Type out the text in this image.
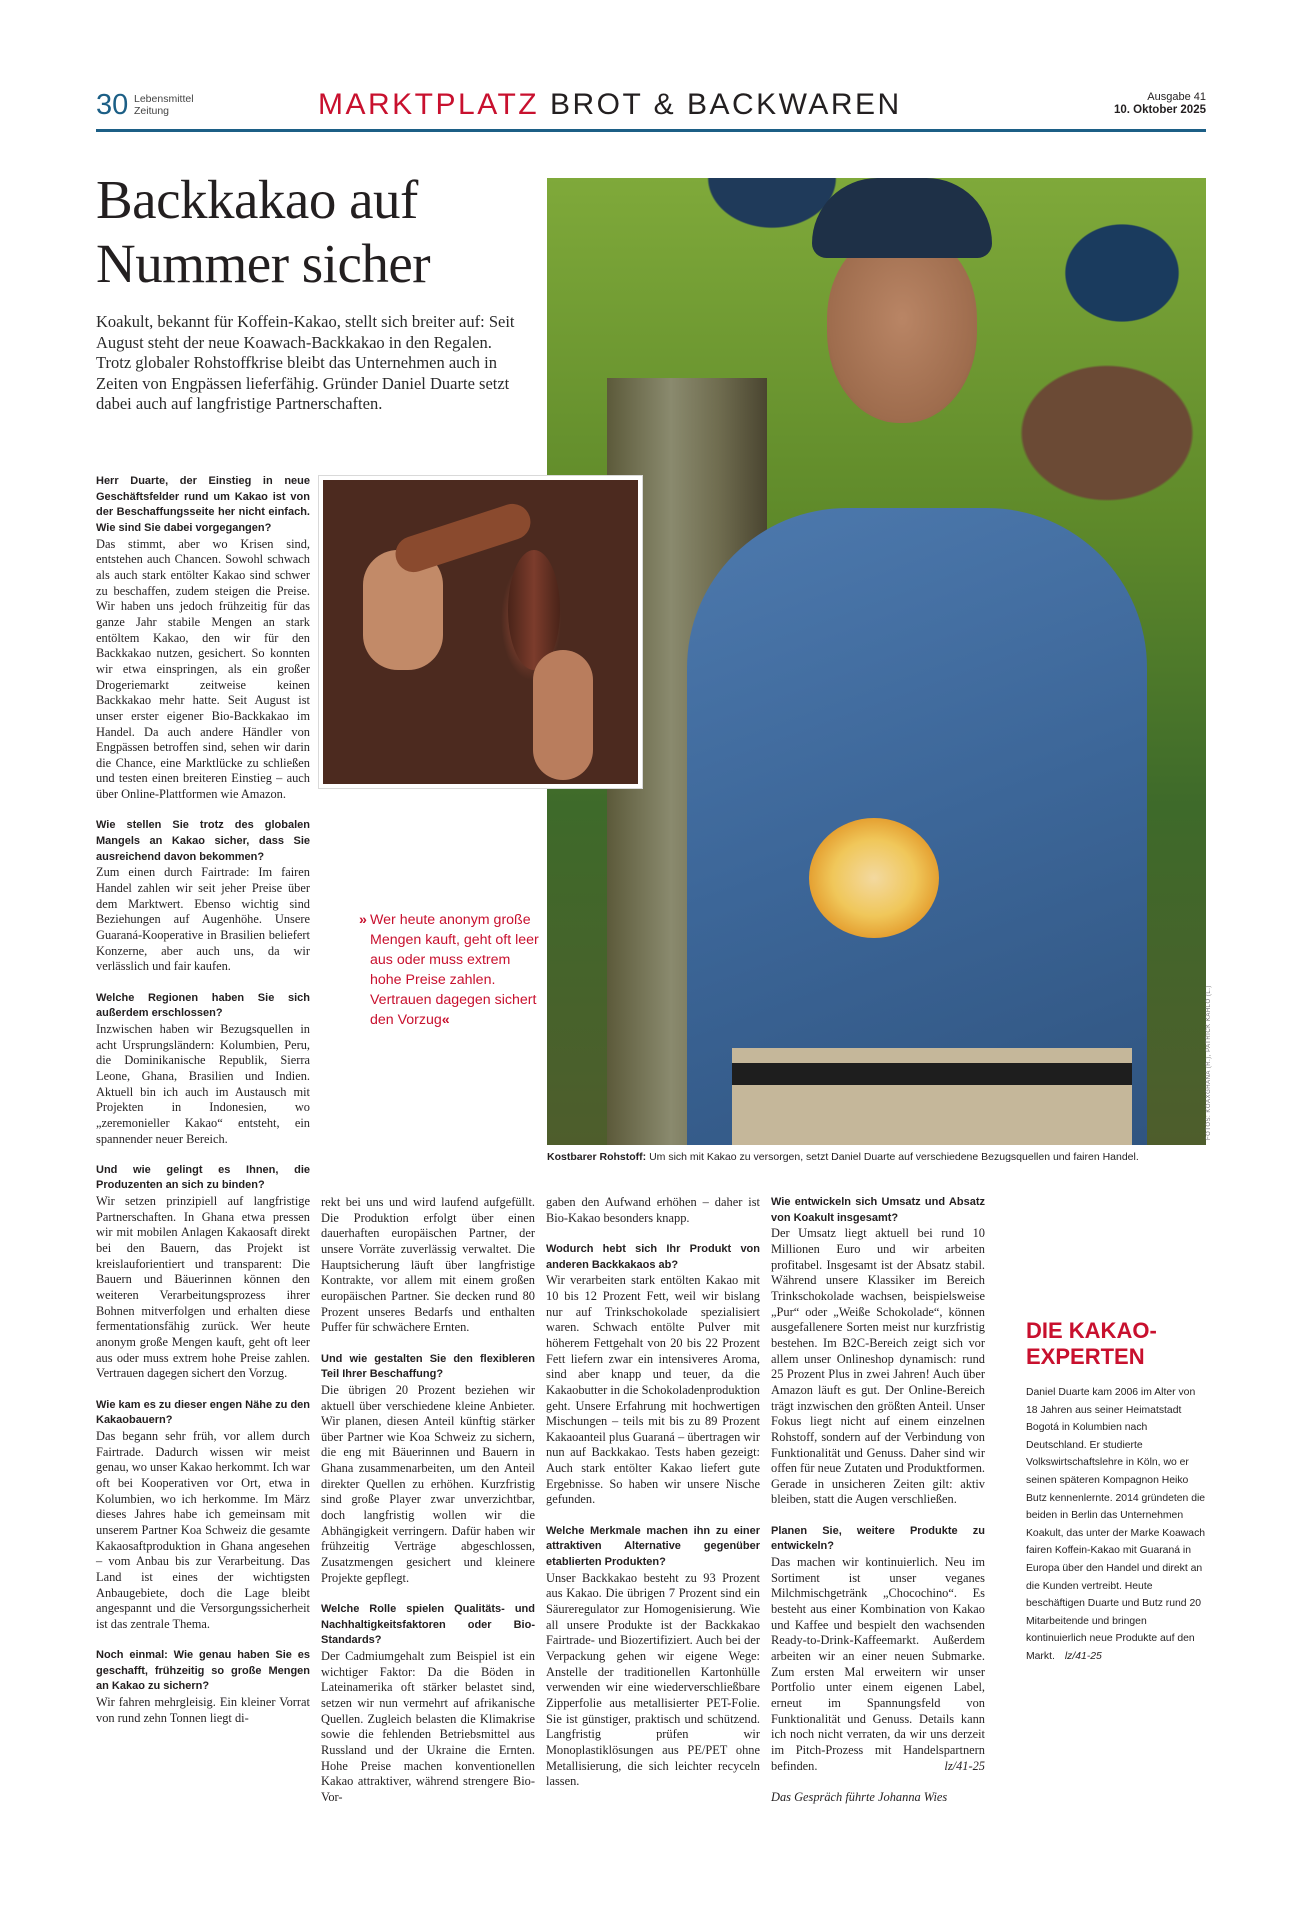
30 Lebensmittel
Zeitung	MARKTPLATZ BROT & BACKWAREN	Ausgabe 41
10. Oktober 2025
Backkakao auf
Nummer sicher

Koakult, bekannt für Koffein-Kakao, stellt sich breiter auf: Seit August steht der neue Koawach-Backkakao in den Regalen. Trotz globaler Rohstoffkrise bleibt das Unternehmen auch in Zeiten von Engpässen lieferfähig. Gründer Daniel Duarte setzt dabei auch auf langfristige Partnerschaften.

FOTOS: KOAXGHANA (R.), PATRICK KAHLO (L.)

Kostbarer Rohstoff: Um sich mit Kakao zu versorgen, setzt Daniel Duarte auf verschiedene Bezugsquellen und fairen Handel.

» Wer heute anonym große Mengen kauft, geht oft leer aus oder muss extrem hohe Preise zahlen. Vertrauen dagegen sichert den Vorzug«

Herr Duarte, der Einstieg in neue Geschäftsfelder rund um Kakao ist von der Beschaffungsseite her nicht einfach. Wie sind Sie dabei vorgegangen?
Das stimmt, aber wo Krisen sind, entstehen auch Chancen. Sowohl schwach als auch stark entölter Kakao sind schwer zu beschaffen, zudem steigen die Preise. Wir haben uns jedoch frühzeitig für das ganze Jahr stabile Mengen an stark entöltem Kakao, den wir für den Backkakao nutzen, gesichert. So konnten wir etwa einspringen, als ein großer Drogeriemarkt zeitweise keinen Backkakao mehr hatte. Seit August ist unser erster eigener Bio-Backkakao im Handel. Da auch andere Händler von Engpässen betroffen sind, sehen wir darin die Chance, eine Marktlücke zu schließen und testen einen breiteren Einstieg – auch über Online-Plattformen wie Amazon.

Wie stellen Sie trotz des globalen Mangels an Kakao sicher, dass Sie ausreichend davon bekommen?
Zum einen durch Fairtrade: Im fairen Handel zahlen wir seit jeher Preise über dem Marktwert. Ebenso wichtig sind Beziehungen auf Augenhöhe. Unsere Guaraná-Kooperative in Brasilien beliefert Konzerne, aber auch uns, da wir verlässlich und fair kaufen.

Welche Regionen haben Sie sich außerdem erschlossen?
Inzwischen haben wir Bezugsquellen in acht Ursprungsländern: Kolumbien, Peru, die Dominikanische Republik, Sierra Leone, Ghana, Brasilien und Indien. Aktuell bin ich auch im Austausch mit Projekten in Indonesien, wo „zeremonieller Kakao“ entsteht, ein spannender neuer Bereich.

Und wie gelingt es Ihnen, die Produzenten an sich zu binden?
Wir setzen prinzipiell auf langfristige Partnerschaften. In Ghana etwa pressen wir mit mobilen Anlagen Kakaosaft direkt bei den Bauern, das Projekt ist kreislauforientiert und transparent: Die Bauern und Bäuerinnen können den weiteren Verarbeitungsprozess ihrer Bohnen mitverfolgen und erhalten diese fermentationsfähig zurück. Wer heute anonym große Mengen kauft, geht oft leer aus oder muss extrem hohe Preise zahlen. Vertrauen dagegen sichert den Vorzug.

Wie kam es zu dieser engen Nähe zu den Kakaobauern?
Das begann sehr früh, vor allem durch Fairtrade. Dadurch wissen wir meist genau, wo unser Kakao herkommt. Ich war oft bei Kooperativen vor Ort, etwa in Kolumbien, wo ich herkomme. Im März dieses Jahres habe ich gemeinsam mit unserem Partner Koa Schweiz die gesamte Kakaosaftproduktion in Ghana angesehen – vom Anbau bis zur Verarbeitung. Das Land ist eines der wichtigsten Anbaugebiete, doch die Lage bleibt angespannt und die Versorgungssicherheit ist das zentrale Thema.

Noch einmal: Wie genau haben Sie es geschafft, frühzeitig so große Mengen an Kakao zu sichern?
Wir fahren mehrgleisig. Ein kleiner Vorrat von rund zehn Tonnen liegt di-

rekt bei uns und wird laufend aufgefüllt. Die Produktion erfolgt über einen dauerhaften europäischen Partner, der unsere Vorräte zuverlässig verwaltet. Die Hauptsicherung läuft über langfristige Kontrakte, vor allem mit einem großen europäischen Partner. Sie decken rund 80 Prozent unseres Bedarfs und enthalten Puffer für schwächere Ernten.

Und wie gestalten Sie den flexibleren Teil Ihrer Beschaffung?
Die übrigen 20 Prozent beziehen wir aktuell über verschiedene kleine Anbieter. Wir planen, diesen Anteil künftig stärker über Partner wie Koa Schweiz zu sichern, die eng mit Bäuerinnen und Bauern in Ghana zusammenarbeiten, um den Anteil direkter Quellen zu erhöhen. Kurzfristig sind große Player zwar unverzichtbar, doch langfristig wollen wir die Abhängigkeit verringern. Dafür haben wir frühzeitig Verträge abgeschlossen, Zusatzmengen gesichert und kleinere Projekte gepflegt.

Welche Rolle spielen Qualitäts- und Nachhaltigkeitsfaktoren oder Bio-Standards?
Der Cadmiumgehalt zum Beispiel ist ein wichtiger Faktor: Da die Böden in Lateinamerika oft stärker belastet sind, setzen wir nun vermehrt auf afrikanische Quellen. Zugleich belasten die Klimakrise sowie die fehlenden Betriebsmittel aus Russland und der Ukraine die Ernten. Hohe Preise machen konventionellen Kakao attraktiver, während strengere Bio-Vor-

gaben den Aufwand erhöhen – daher ist Bio-Kakao besonders knapp.

Wodurch hebt sich Ihr Produkt von anderen Backkakaos ab?
Wir verarbeiten stark entölten Kakao mit 10 bis 12 Prozent Fett, weil wir bislang nur auf Trinkschokolade spezialisiert waren. Schwach entölte Pulver mit höherem Fettgehalt von 20 bis 22 Prozent Fett liefern zwar ein intensiveres Aroma, sind aber knapp und teuer, da die Kakaobutter in die Schokoladenproduktion geht. Unsere Erfahrung mit hochwertigen Mischungen – teils mit bis zu 89 Prozent Kakaoanteil plus Guaraná – übertragen wir nun auf Backkakao. Tests haben gezeigt: Auch stark entölter Kakao liefert gute Ergebnisse. So haben wir unsere Nische gefunden.

Welche Merkmale machen ihn zu einer attraktiven Alternative gegenüber etablierten Produkten?
Unser Backkakao besteht zu 93 Prozent aus Kakao. Die übrigen 7 Prozent sind ein Säureregulator zur Homogenisierung. Wie all unsere Produkte ist der Backkakao Fairtrade- und Biozertifiziert. Auch bei der Verpackung gehen wir eigene Wege: Anstelle der traditionellen Kartonhülle verwenden wir eine wiederverschließbare Zipperfolie aus metallisierter PET-Folie. Sie ist günstiger, praktisch und schützend. Langfristig prüfen wir Monoplastiklösungen aus PE/PET ohne Metallisierung, die sich leichter recyceln lassen.

Wie entwickeln sich Umsatz und Absatz von Koakult insgesamt?
Der Umsatz liegt aktuell bei rund 10 Millionen Euro und wir arbeiten profitabel. Insgesamt ist der Absatz stabil. Während unsere Klassiker im Bereich Trinkschokolade wachsen, beispielsweise „Pur“ oder „Weiße Schokolade“, können ausgefallenere Sorten meist nur kurzfristig bestehen. Im B2C-Bereich zeigt sich vor allem unser Onlineshop dynamisch: rund 25 Prozent Plus in zwei Jahren! Auch über Amazon läuft es gut. Der Online-Bereich trägt inzwischen den größten Anteil. Unser Fokus liegt nicht auf einem einzelnen Rohstoff, sondern auf der Verbindung von Funktionalität und Genuss. Daher sind wir offen für neue Zutaten und Produktformen. Gerade in unsicheren Zeiten gilt: aktiv bleiben, statt die Augen verschließen.

Planen Sie, weitere Produkte zu entwickeln?
Das machen wir kontinuierlich. Neu im Sortiment ist unser veganes Milchmischgetränk „Chocochino“. Es besteht aus einer Kombination von Kakao und Kaffee und bespielt den wachsenden Ready-to-Drink-Kaffeemarkt. Außerdem arbeiten wir an einer neuen Submarke. Zum ersten Mal erweitern wir unser Portfolio unter einem eigenen Label, erneut im Spannungsfeld von Funktionalität und Genuss. Details kann ich noch nicht verraten, da wir uns derzeit im Pitch-Prozess mit Handelspartnern befinden.	lz/41-25

Das Gespräch führte Johanna Wies

DIE KAKAO-
EXPERTEN

Daniel Duarte kam 2006 im Alter von 18 Jahren aus seiner Heimatstadt Bogotá in Kolumbien nach Deutschland. Er studierte Volkswirtschaftslehre in Köln, wo er seinen späteren Kompagnon Heiko Butz kennenlernte. 2014 gründeten die beiden in Berlin das Unternehmen Koakult, das unter der Marke Koawach fairen Koffein-Kakao mit Guaraná in Europa über den Handel und direkt an die Kunden vertreibt. Heute beschäftigen Duarte und Butz rund 20 Mitarbeitende und bringen kontinuierlich neue Produkte auf den Markt. lz/41-25
